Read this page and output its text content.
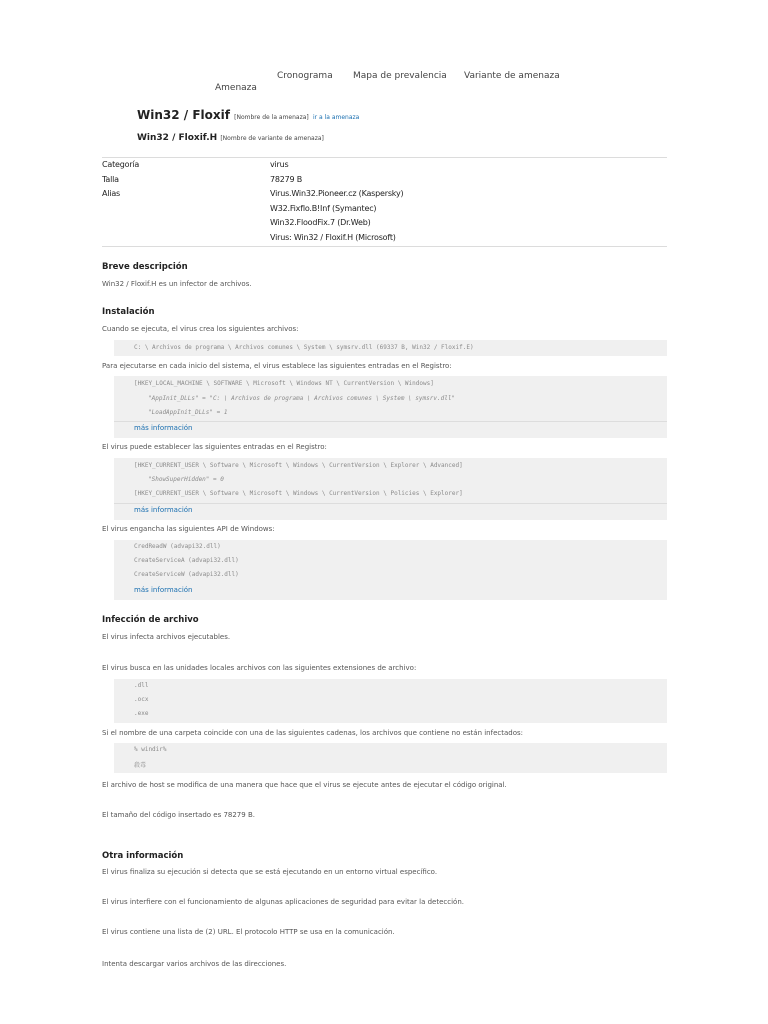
Amenaza
Cronograma Mapa de prevalencia Variante de amenaza
Win32 / Floxif [Nombre de la amenaza] ir a la amenaza
Win32 / Floxif.H [Nombre de variante de amenaza]
Categoría
Talla
Alias
virus
78279 B
Virus.Win32.Pioneer.cz (Kaspersky)
W32.Fixflo.B!Inf (Symantec)
Win32.FloodFix.7 (Dr.Web)
Virus: Win32 / Floxif.H (Microsoft)
Breve descripción
Win32 / Floxif.H es un infector de archivos.
Instalación
Cuando se ejecuta, el virus crea los siguientes archivos:
C: \ Archivos de programa \ Archivos comunes \ System \ symsrv.dll (69337 B, Win32 / Floxif.E)
Para ejecutarse en cada inicio del sistema, el virus establece las siguientes entradas en el Registro:
[HKEY_LOCAL_MACHINE \ SOFTWARE \ Microsoft \ Windows NT \ CurrentVersion \ Windows]
"AppInit_DLLs" = "C: \ Archivos de programa \ Archivos comunes \ System \ symsrv.dll"
"LoadAppInit_DLLs" = 1
más información
El virus puede establecer las siguientes entradas en el Registro:
[HKEY_CURRENT_USER \ Software \ Microsoft \ Windows \ CurrentVersion \ Explorer \ Advanced]
"ShowSuperHidden" = 0
[HKEY_CURRENT_USER \ Software \ Microsoft \ Windows \ CurrentVersion \ Policies \ Explorer]
más información
El virus engancha las siguientes API de Windows:
CredReadW (advapi32.dll)
CreateServiceA (advapi32.dll)
CreateServiceW (advapi32.dll)
más información
Infección de archivo
El virus infecta archivos ejecutables.
El virus busca en las unidades locales archivos con las siguientes extensiones de archivo:
.dll
.ocx
.exe
Si el nombre de una carpeta coincide con una de las siguientes cadenas, los archivos que contiene no están infectados:
% windir%
殺毒
El archivo de host se modifica de una manera que hace que el virus se ejecute antes de ejecutar el código original.
El tamaño del código insertado es 78279 B.
Otra información
El virus finaliza su ejecución si detecta que se está ejecutando en un entorno virtual específico.
El virus interfiere con el funcionamiento de algunas aplicaciones de seguridad para evitar la detección.
El virus contiene una lista de (2) URL. El protocolo HTTP se usa en la comunicación.
Intenta descargar varios archivos de las direcciones.
